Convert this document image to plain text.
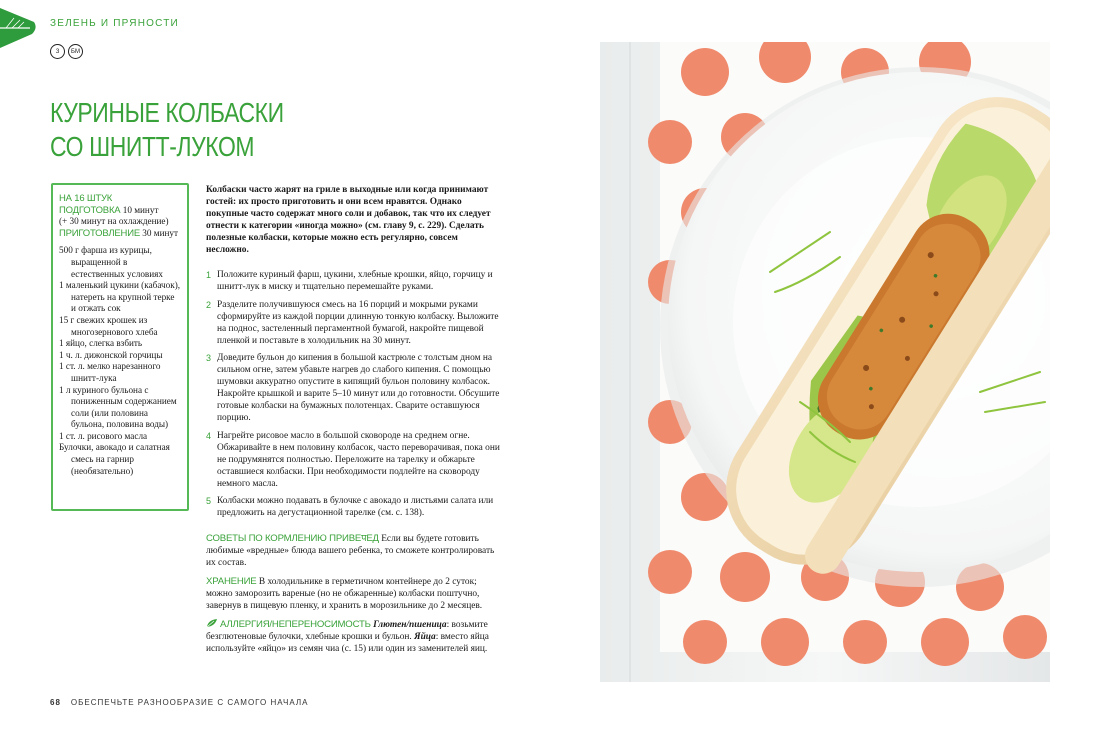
ЗЕЛЕНЬ И ПРЯНОСТИ
З	БМ
КУРИНЫЕ КОЛБАСКИ
СО ШНИТТ-ЛУКОМ
НА 16 ШТУК
ПОДГОТОВКА 10 минут
(+ 30 минут на охлаждение)
ПРИГОТОВЛЕНИЕ 30 минут
500 г фарша из курицы, выращенной в естественных условиях
1 маленький цукини (кабачок), натереть на крупной терке и отжать сок
15 г свежих крошек из многозернового хлеба
1 яйцо, слегка взбить
1 ч. л. дижонской горчицы
1 ст. л. мелко нарезанного шнитт-лука
1 л куриного бульона с пониженным содержанием соли (или половина бульона, половина воды)
1 ст. л. рисового масла
Булочки, авокадо и салатная смесь на гарнир (необязательно)
Колбаски часто жарят на гриле в выходные или когда принимают гостей: их просто приготовить и они всем нравятся. Однако покупные часто содержат много соли и добавок, так что их следует отнести к категории «иногда можно» (см. главу 9, с. 229). Сделать полезные колбаски, которые можно есть регулярно, совсем несложно.
1 Положите куриный фарш, цукини, хлебные крошки, яйцо, горчицу и шнитт-лук в миску и тщательно перемешайте руками.
2 Разделите получившуюся смесь на 16 порций и мокрыми руками сформируйте из каждой порции длинную тонкую колбаску. Выложите на поднос, застеленный пергаментной бумагой, накройте пищевой пленкой и поставьте в холодильник на 30 минут.
3 Доведите бульон до кипения в большой кастрюле с толстым дном на сильном огне, затем убавьте нагрев до слабого кипения. С помощью шумовки аккуратно опустите в кипящий бульон половину колбасок. Накройте крышкой и варите 5–10 минут или до готовности. Обсушите готовые колбаски на бумажных полотенцах. Сварите оставшуюся порцию.
4 Нагрейте рисовое масло в большой сковороде на среднем огне. Обжаривайте в нем половину колбасок, часто переворачивая, пока они не подрумянятся полностью. Переложите на тарелку и обжарьте оставшиеся колбаски. При необходимости подлейте на сковороду немного масла.
5 Колбаски можно подавать в булочке с авокадо и листьями салата или предложить на дегустационной тарелке (см. с. 138).
СОВЕТЫ ПО КОРМЛЕНИЮ ПРИВЕपЕД Если вы будете готовить любимые «вредные» блюда вашего ребенка, то сможете контролировать их состав.
ХРАНЕНИЕ В холодильнике в герметичном контейнере до 2 суток; можно заморозить вареные (но не обжаренные) колбаски поштучно, завернув в пищевую пленку, и хранить в морозильнике до 2 месяцев.
АЛЛЕРГИЯ/НЕПЕРЕНОСИМОСТЬ Глютен/пшеница: возьмите безглютеновые булочки, хлебные крошки и бульон. Яйца: вместо яйца используйте «яйцо» из семян чиа (с. 15) или один из заменителей яиц.
68 ОБЕСПЕЧЬТЕ РАЗНООБРАЗИЕ С САМОГО НАЧАЛА
